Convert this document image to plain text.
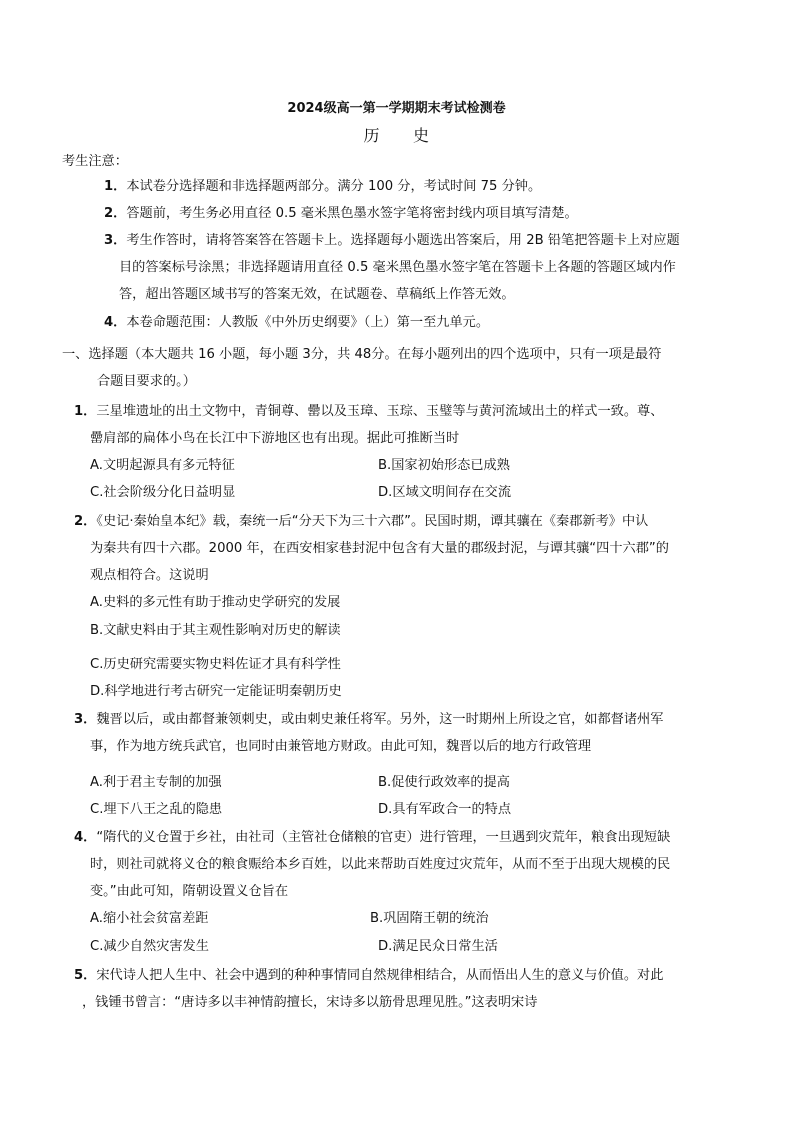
2024级高一第一学期期末考试检测卷
历　　史
考生注意：
1．本试卷分选择题和非选择题两部分。满分 100 分，考试时间 75 分钟。
2．答题前，考生务必用直径 0.5 毫米黑色墨水签字笔将密封线内项目填写清楚。
3．考生作答时，请将答案答在答题卡上。选择题每小题选出答案后，用 2B 铅笔把答题卡上对应题
目的答案标号涂黑；非选择题请用直径 0.5 毫米黑色墨水签字笔在答题卡上各题的答题区域内作
答，超出答题区域书写的答案无效，在试题卷、草稿纸上作答无效。
4．本卷命题范围：人教版《中外历史纲要》（上）第一至九单元。
一、选择题（本大题共 16 小题，每小题 3分，共 48分。在每小题列出的四个选项中，只有一项是最符
合题目要求的。）
1．三星堆遗址的出土文物中，青铜尊、罍以及玉璋、玉琮、玉璧等与黄河流域出土的样式一致。尊、
罍肩部的扁体小鸟在长江中下游地区也有出现。据此可推断当时
A.文明起源具有多元特征	B.国家初始形态已成熟
C.社会阶级分化日益明显	D.区域文明间存在交流
2．《史记·秦始皇本纪》载，秦统一后“分天下为三十六郡”。民国时期，谭其骧在《秦郡新考》中认
为秦共有四十六郡。2000 年，在西安相家巷封泥中包含有大量的郡级封泥，与谭其骧“四十六郡”的
观点相符合。这说明
A.史料的多元性有助于推动史学研究的发展
B.文献史料由于其主观性影响对历史的解读
C.历史研究需要实物史料佐证才具有科学性
D.科学地进行考古研究一定能证明秦朝历史
3．魏晋以后，或由都督兼领刺史，或由刺史兼任将军。另外，这一时期州上所设之官，如都督诸州军
事，作为地方统兵武官，也同时由兼管地方财政。由此可知，魏晋以后的地方行政管理
A.利于君主专制的加强	B.促使行政效率的提高
C.埋下八王之乱的隐患	D.具有军政合一的特点
4．“隋代的义仓置于乡社，由社司（主管社仓储粮的官吏）进行管理，一旦遇到灾荒年，粮食出现短缺
时，则社司就将义仓的粮食赈给本乡百姓，以此来帮助百姓度过灾荒年，从而不至于出现大规模的民
变。”由此可知，隋朝设置义仓旨在
A.缩小社会贫富差距	B.巩固隋王朝的统治
C.减少自然灾害发生	D.满足民众日常生活
5．宋代诗人把人生中、社会中遇到的种种事情同自然规律相结合，从而悟出人生的意义与价值。对此
，钱锺书曾言：“唐诗多以丰神情韵擅长，宋诗多以筋骨思理见胜。”这表明宋诗
